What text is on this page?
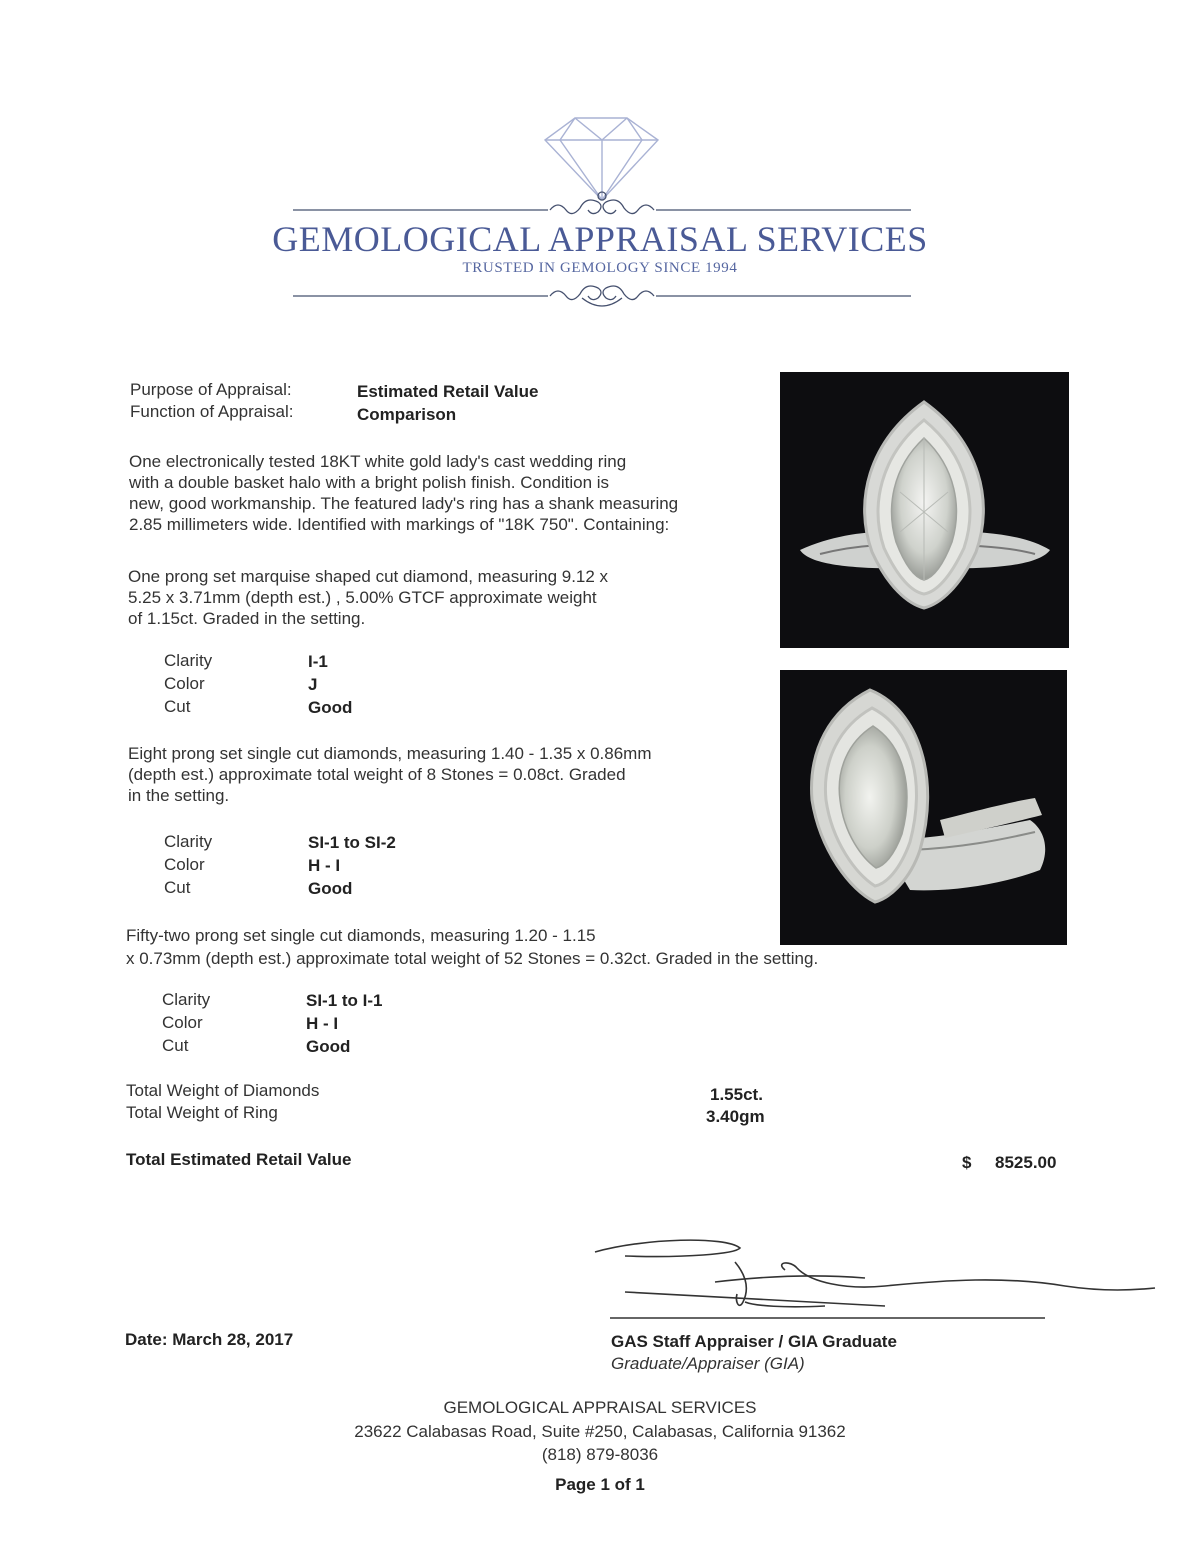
GEMOLOGICAL APPRAISAL SERVICES
TRUSTED IN GEMOLOGY SINCE 1994
Purpose of Appraisal:	Estimated Retail Value
Function of Appraisal:	Comparison
One electronically tested 18KT white gold lady's cast wedding ring
with a double basket halo with a bright polish finish. Condition is
new, good workmanship. The featured lady's ring has a shank measuring
2.85 millimeters wide. Identified with markings of "18K 750". Containing:
One prong set marquise shaped cut diamond, measuring 9.12 x
5.25 x 3.71mm (depth est.) , 5.00% GTCF approximate weight
of 1.15ct. Graded in the setting.
Clarity	I-1
Color	J
Cut	Good
Eight prong set single cut diamonds, measuring 1.40 - 1.35 x 0.86mm
(depth est.) approximate total weight of 8 Stones = 0.08ct. Graded
in the setting.
Clarity	SI-1 to SI-2
Color	H - I
Cut	Good
Fifty-two prong set single cut diamonds, measuring 1.20 - 1.15
x 0.73mm (depth est.) approximate total weight of 52 Stones = 0.32ct. Graded in the setting.
Clarity	SI-1 to I-1
Color	H - I
Cut	Good
Total Weight of Diamonds	1.55ct.
Total Weight of Ring	3.40gm
Total Estimated Retail Value	$ 8525.00
Date: March 28, 2017	GAS Staff Appraiser / GIA Graduate
Graduate/Appraiser (GIA)
GEMOLOGICAL APPRAISAL SERVICES
23622 Calabasas Road, Suite #250, Calabasas, California 91362
(818) 879-8036
Page 1 of 1
